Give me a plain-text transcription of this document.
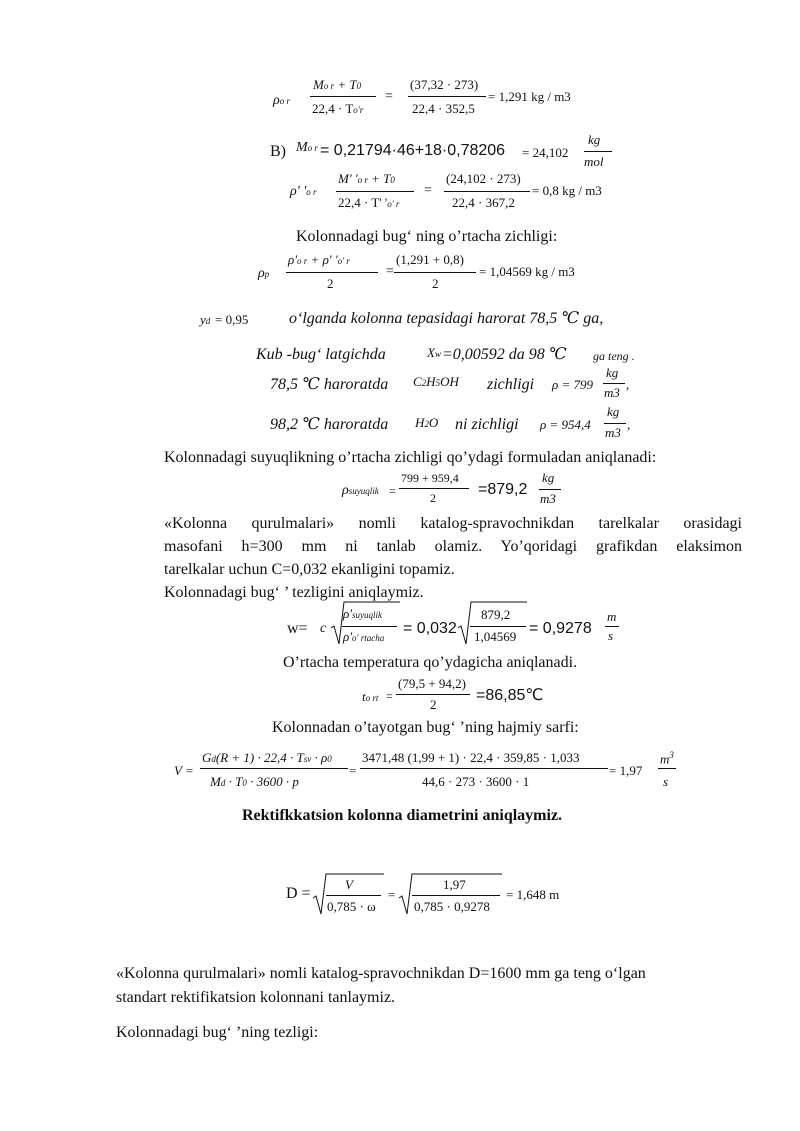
ρo r
Mo r + T0
22,4 · To'r
=
(37,32 · 273)
22,4 · 352,5
= 1,291 kg / m3
B) Mo r = 0,21794·46+18·0,78206 = 24,102
kg
mol
ρ' 'o r
M' 'o r + T0
22,4 · T' 'o' r
=
(24,102 · 273)
22,4 · 367,2
= 0,8 kg / m3
Kolonnadagi bug‘ ning o’rtacha zichligi:
ρp
ρ'o r + ρ' 'o' r
2
=
(1,291 + 0,8)
2
= 1,04569 kg / m3
yd = 0,95	o‘lganda kolonna tepasidagi harorat 78,5 ℃ ga,
Kub -bug‘ latgichda	Xw =0,00592 da 98 ℃ ga teng .
78,5 ℃ haroratda C2H5OH zichligi ρ = 799
kg
m3
,
98,2 ℃ haroratda H2O ni zichligi ρ = 954,4
kg
m3
,
Kolonnadagi suyuqlikning o’rtacha zichligi qo’ydagi formuladan aniqlanadi:
ρsuyuqlik =
799 + 959,4
2	=879,2
kg
m3
«Kolonna qurulmalari» nomli katalog-spravochnikdan tarelkalar orasidagi
masofani h=300 mm ni tanlab olamiz. Yo’qoridagi grafikdan elaksimon
tarelkalar uchun C=0,032 ekanligini topamiz.
Kolonnadagi bug‘ ’ tezligini aniqlaymiz.
w= c
ρ'suyuqlik
ρ'o' rtacha
= 0,032
879,2
1,04569 = 0,9278
m
s
O’rtacha temperatura qo’ydagicha aniqlanadi.
to rt =
(79,5 + 94,2)
2
=86,85℃
Kolonnadan o’tayotgan bug‘ ’ning hajmiy sarfi:
V =
Gd(R + 1) · 22,4 · Tsv · ρ0
Md · T0 · 3600 · p
=
3471,48 (1,99 + 1) · 22,4 · 359,85 · 1,033
44,6 · 273 · 3600 · 1
= 1,97
$m^3$
s
Rektifkkatsion kolonna diametrini aniqlaymiz.
D =
V
0,785 · ω
=
1,97
0,785 · 0,9278
= 1,648 m
«Kolonna qurulmalari» nomli katalog-spravochnikdan D=1600 mm ga teng o‘lgan
standart rektifikatsion kolonnani tanlaymiz.
Kolonnadagi bug‘ ’ning tezligi:
